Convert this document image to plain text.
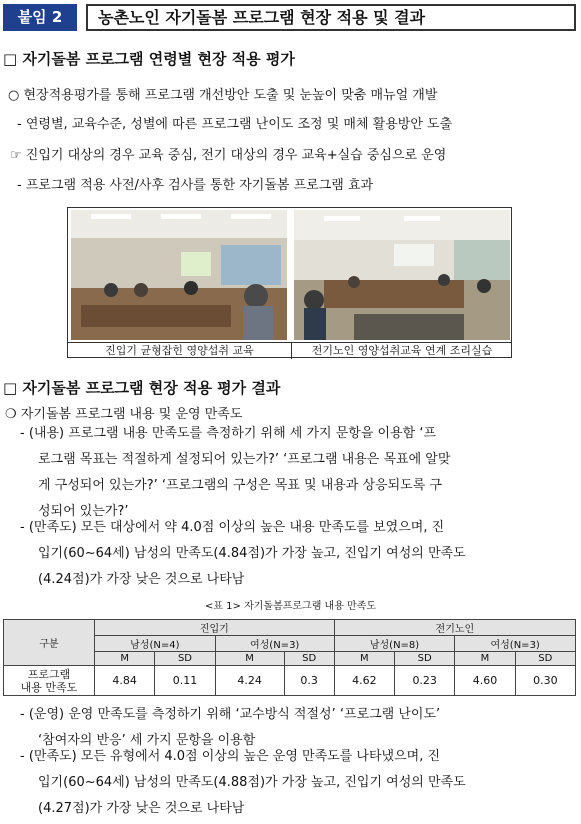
붙임 2	농촌노인 자기돌봄 프로그램 현장 적용 및 결과
□ 자기돌봄 프로그램 연령별 현장 적용 평가
○ 현장적용평가를 통해 프로그램 개선방안 도출 및 눈높이 맞춤 매뉴얼 개발
- 연령별, 교육수준, 성별에 따른 프로그램 난이도 조정 및 매체 활용방안 도출
☞ 진입기 대상의 경우 교육 중심, 전기 대상의 경우 교육+실습 중심으로 운영
- 프로그램 적용 사전/사후 검사를 통한 자기돌봄 프로그램 효과
진입기 균형잡힌 영양섭취 교육	전기노인 영양섭취교육 연계 조리실습
□ 자기돌봄 프로그램 현장 적용 평가 결과
❍ 자기돌봄 프로그램 내용 및 운영 만족도
- (내용) 프로그램 내용 만족도를 측정하기 위해 세 가지 문항을 이용함 ‘프
로그램 목표는 적절하게 설정되어 있는가?’ ‘프로그램 내용은 목표에 알맞
게 구성되어 있는가?’ ‘프로그램의 구성은 목표 및 내용과 상응되도록 구
성되어 있는가?’
- (만족도) 모든 대상에서 약 4.0점 이상의 높은 내용 만족도를 보였으며, 진
입기(60~64세) 남성의 만족도(4.84점)가 가장 높고, 진입기 여성의 만족도
(4.24점)가 가장 낮은 것으로 나타남
<표 1> 자기돌봄프로그램 내용 만족도
구분	진입기				전기노인			
	남성(N=4)		여성(N=3)		남성(N=8)		여성(N=3)	
	M	SD	M	SD	M	SD	M	SD
프로그램
내용 만족도	4.84	0.11	4.24	0.3	4.62	0.23	4.60	0.30
- (운영) 운영 만족도를 측정하기 위해 ‘교수방식 적절성’ ‘프로그램 난이도’
‘참여자의 반응’ 세 가지 문항을 이용함
- (만족도) 모든 유형에서 4.0점 이상의 높은 운영 만족도를 나타냈으며, 진
입기(60~64세) 남성의 만족도(4.88점)가 가장 높고, 진입기 여성의 만족도
(4.27점)가 가장 낮은 것으로 나타남
